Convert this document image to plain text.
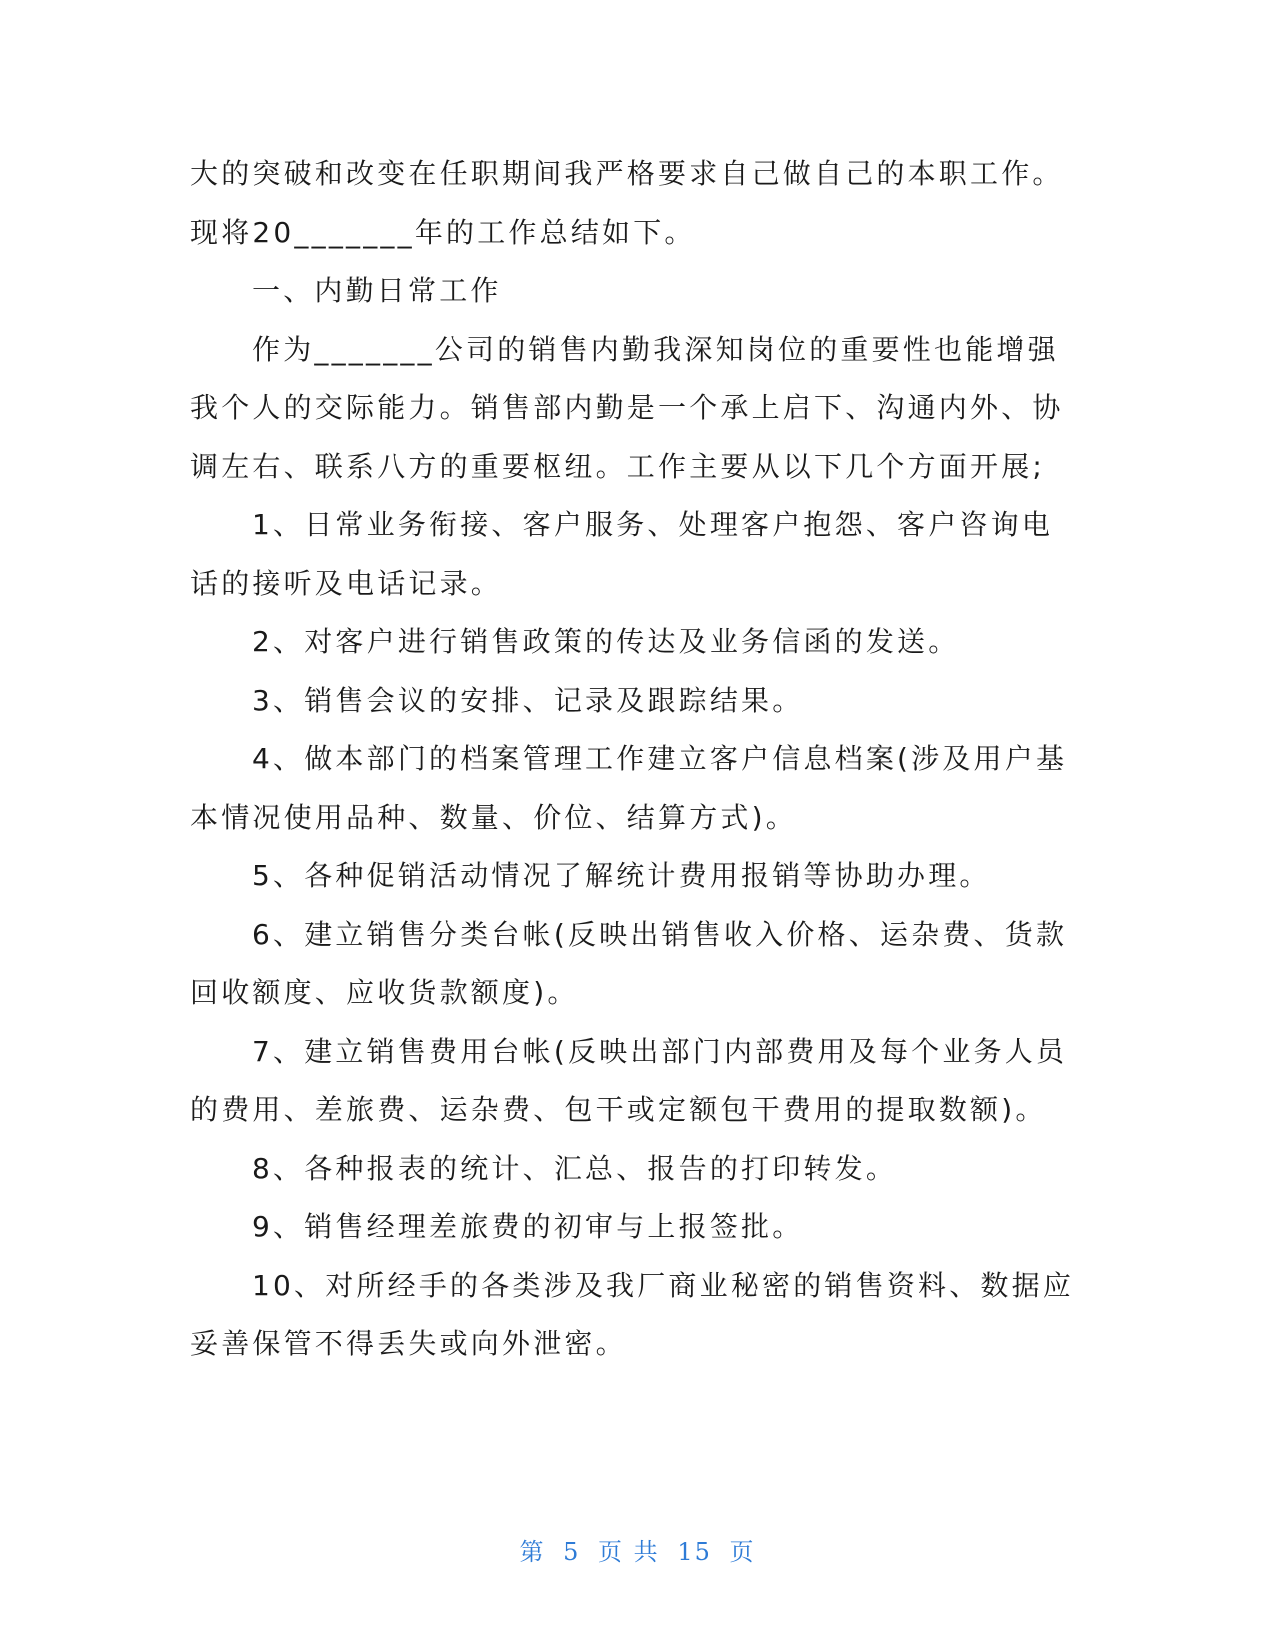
大的突破和改变在任职期间我严格要求自己做自己的本职工作。现将20_______年的工作总结如下。

一、内勤日常工作

作为_______公司的销售内勤我深知岗位的重要性也能增强我个人的交际能力。销售部内勤是一个承上启下、沟通内外、协调左右、联系八方的重要枢纽。工作主要从以下几个方面开展;

1、日常业务衔接、客户服务、处理客户抱怨、客户咨询电话的接听及电话记录。

2、对客户进行销售政策的传达及业务信函的发送。

3、销售会议的安排、记录及跟踪结果。

4、做本部门的档案管理工作建立客户信息档案(涉及用户基本情况使用品种、数量、价位、结算方式)。

5、各种促销活动情况了解统计费用报销等协助办理。

6、建立销售分类台帐(反映出销售收入价格、运杂费、货款回收额度、应收货款额度)。

7、建立销售费用台帐(反映出部门内部费用及每个业务人员的费用、差旅费、运杂费、包干或定额包干费用的提取数额)。

8、各种报表的统计、汇总、报告的打印转发。

9、销售经理差旅费的初审与上报签批。

10、对所经手的各类涉及我厂商业秘密的销售资料、数据应妥善保管不得丢失或向外泄密。

第 5 页 共 15 页
